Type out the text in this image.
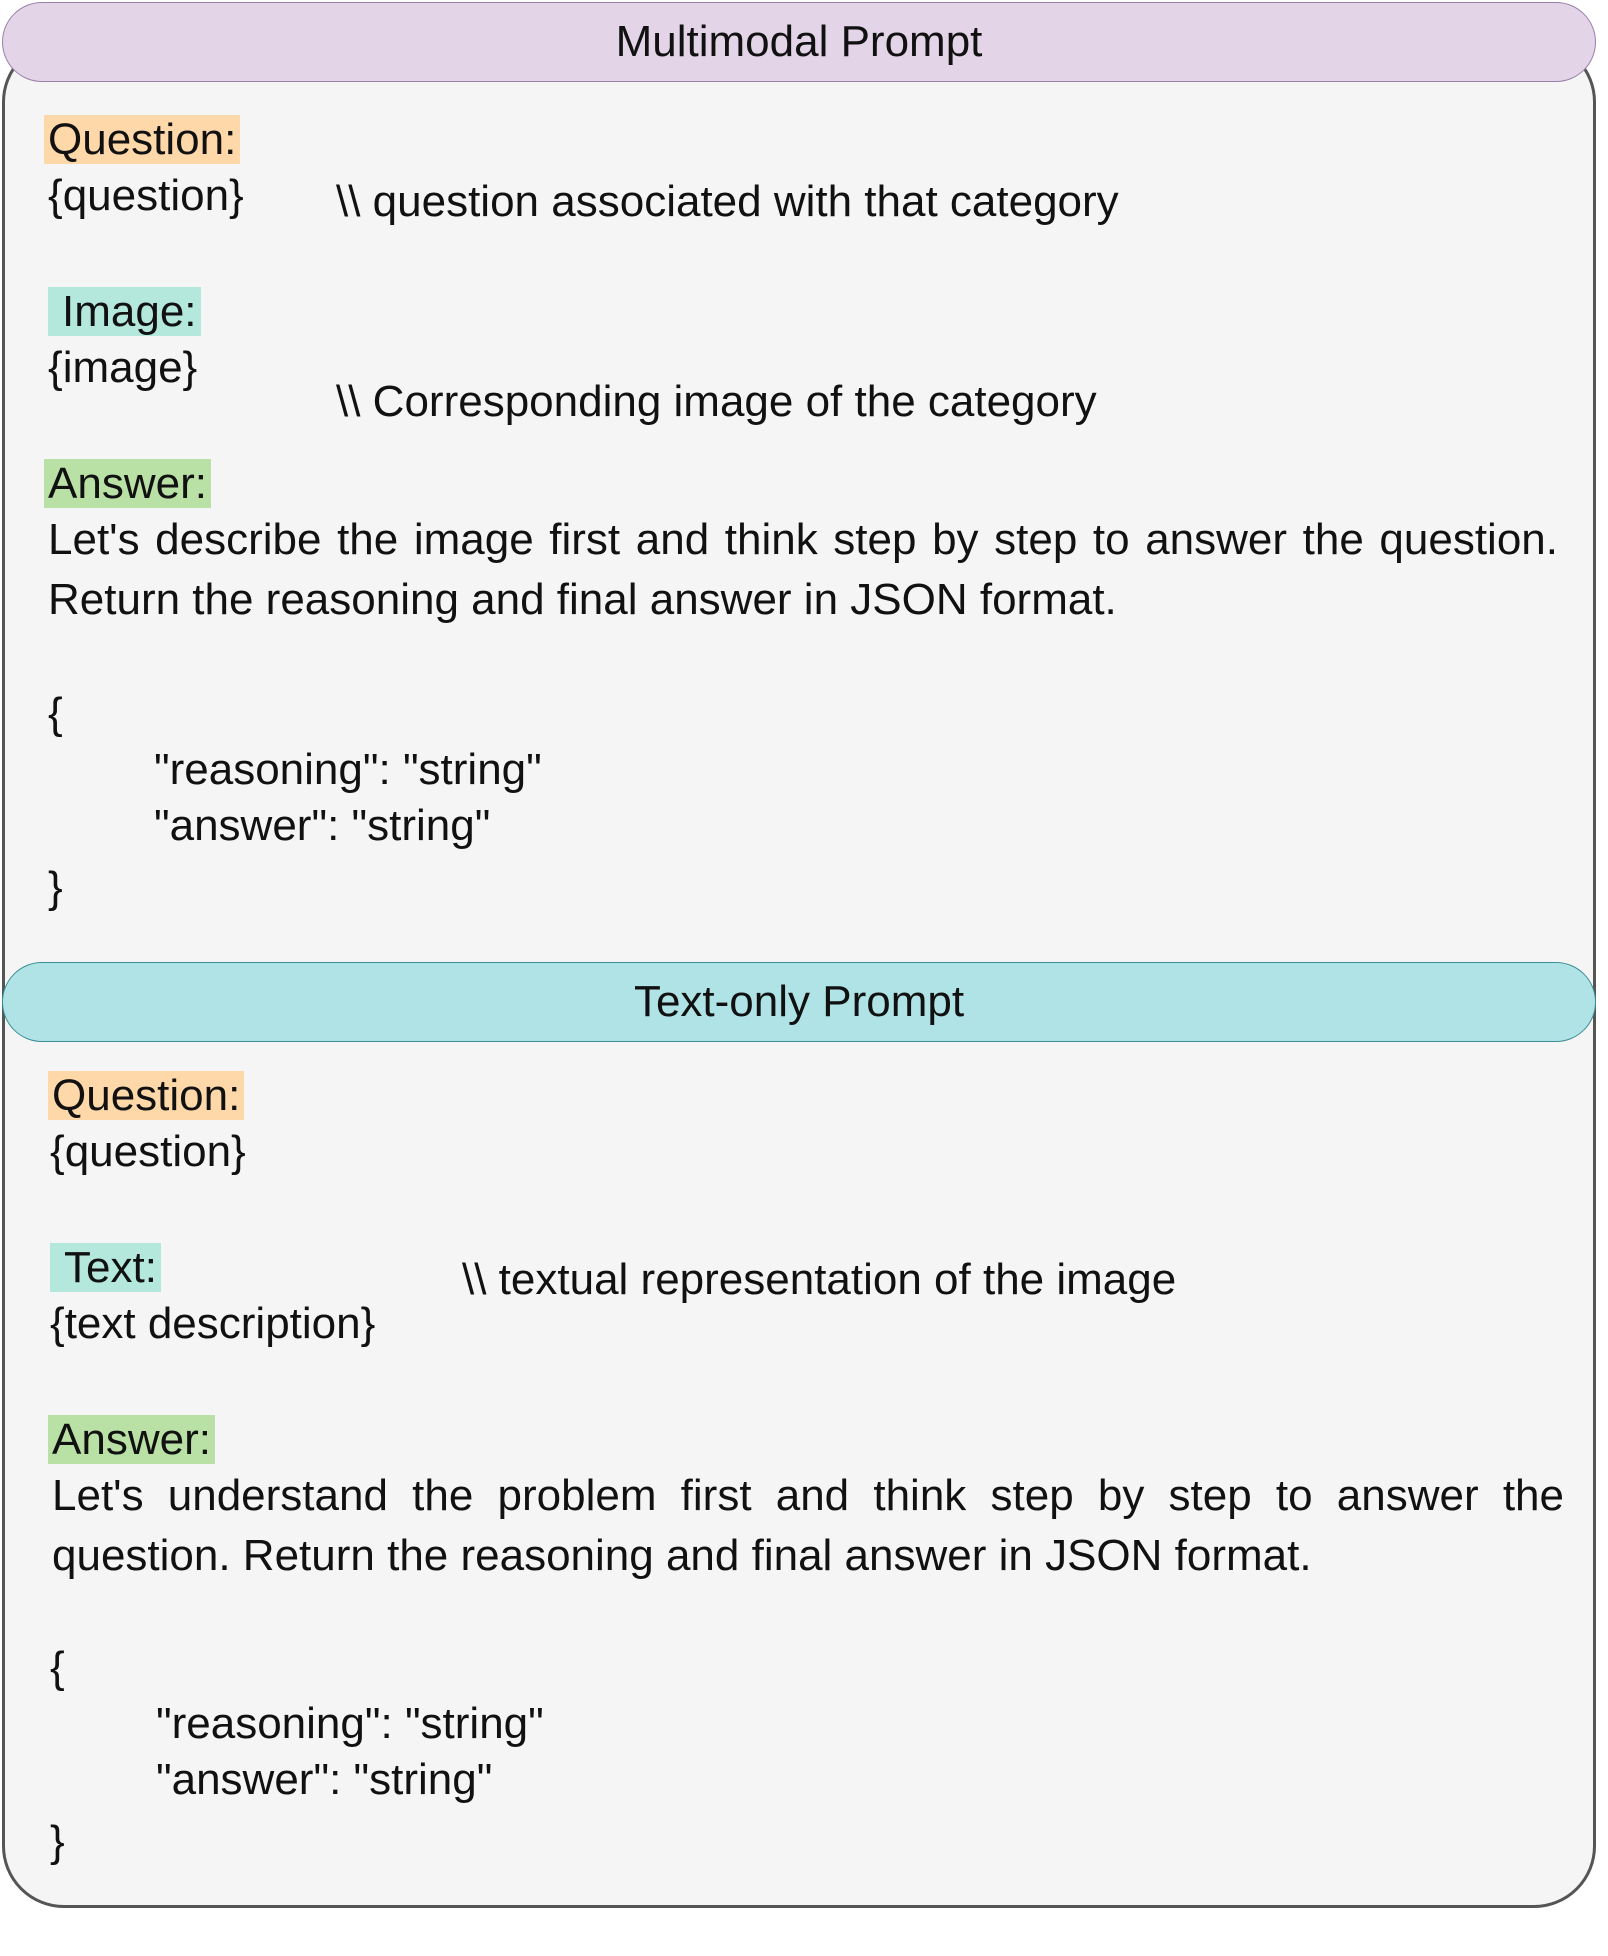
Multimodal Prompt
Question:
{question} \\ question associated with that category
Image:
{image}
\\ Corresponding image of the category
Answer:
Let's describe the image first and think step by step to answer the question. Return the reasoning and final answer in JSON format.
{
"reasoning": "string"
"answer": "string"
}
Text-only Prompt
Question:
{question}
Text:
{text description}
\\ textual representation of the image
Answer:
Let's understand the problem first and think step by step to answer the question. Return the reasoning and final answer in JSON format.
{
"reasoning": "string"
"answer": "string"
}
